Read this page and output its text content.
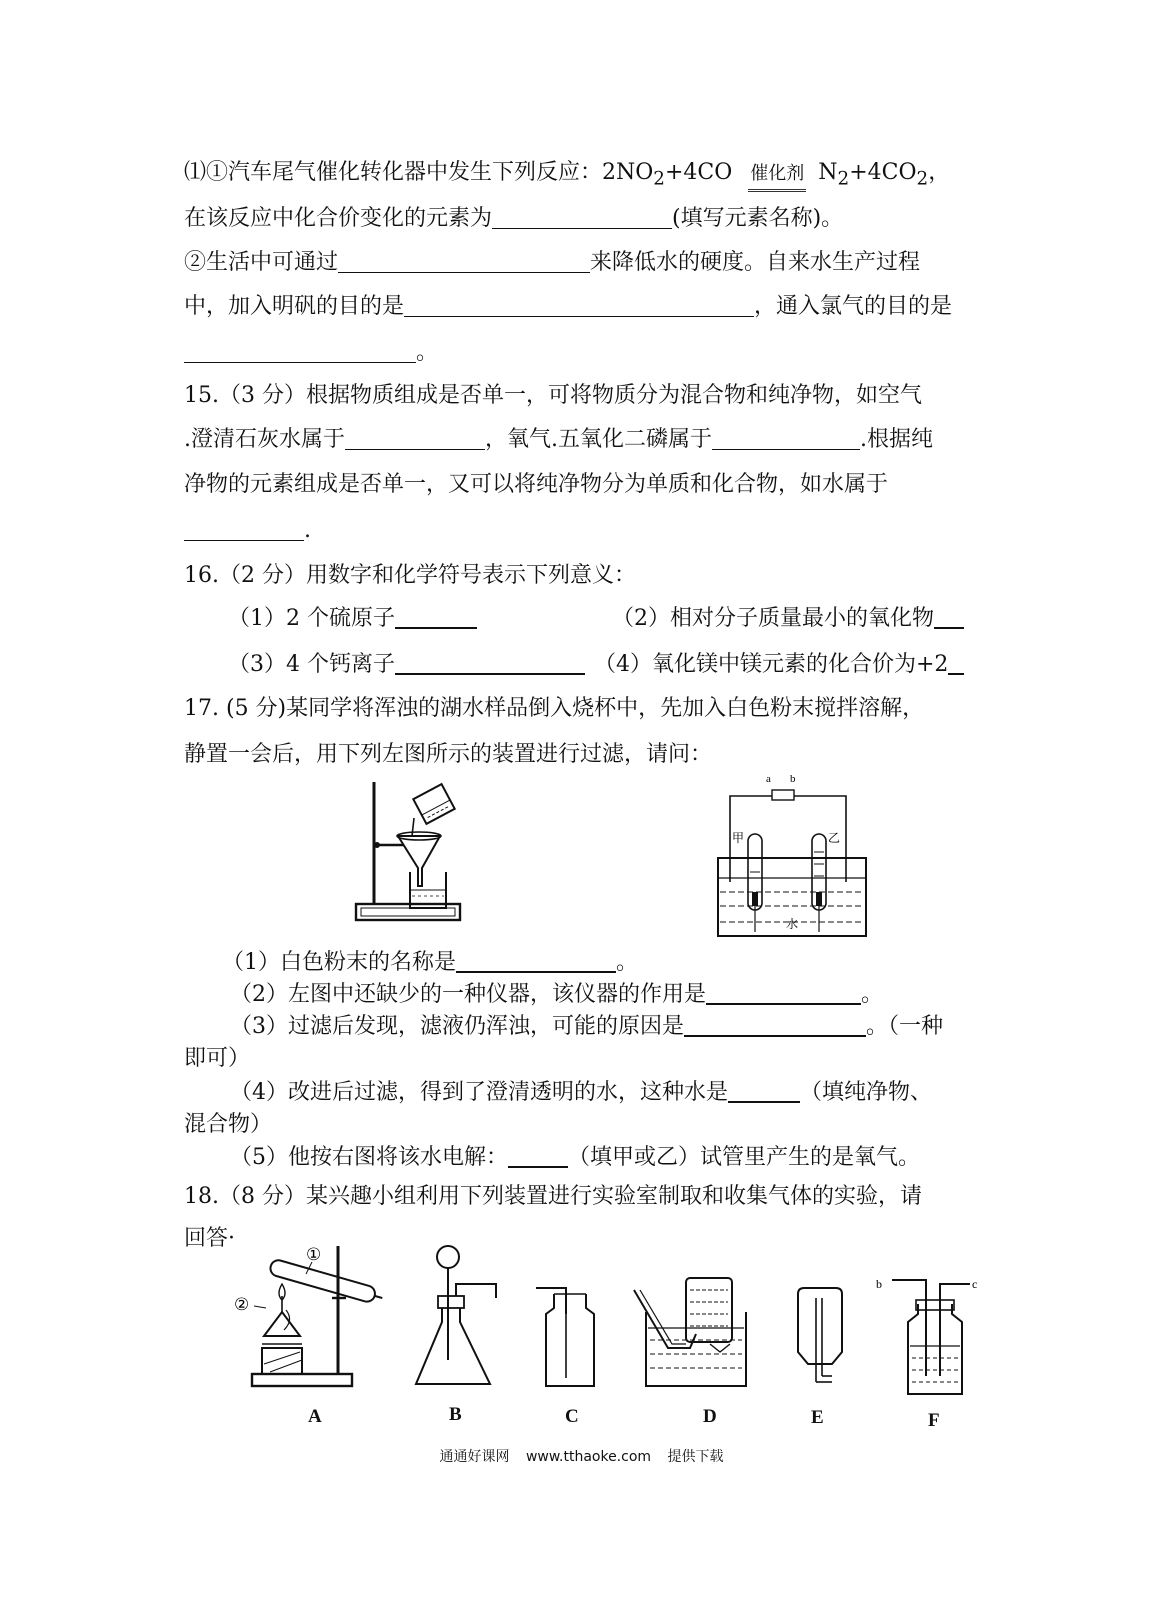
⑴①汽车尾气催化转化器中发生下列反应：$2NO_2+4CO$ 催化剂 $N_2+4CO_2$，
在该反应中化合价变化的元素为	(填写元素名称)。
②生活中可通过	来降低水的硬度。自来水生产过程
中，加入明矾的目的是	，通入氯气的目的是
。
15.（3 分）根据物质组成是否单一，可将物质分为混合物和纯净物，如空气
.澄清石灰水属于	，氧气.五氧化二磷属于	.根据纯
净物的元素组成是否单一，又可以将纯净物分为单质和化合物，如水属于
.
16.（2 分）用数字和化学符号表示下列意义：
（1）2 个硫原子	（2）相对分子质量最小的氧化物
（3）4 个钙离子	（4）氧化镁中镁元素的化合价为+2
17. (5 分)某同学将浑浊的湖水样品倒入烧杯中，先加入白色粉末搅拌溶解，
静置一会后，用下列左图所示的装置进行过滤，请问：
a b
甲	乙
水
（1）白色粉末的名称是	。
（2）左图中还缺少的一种仪器，该仪器的作用是	。
（3）过滤后发现，滤液仍浑浊，可能的原因是	。（一种
即可）
（4）改进后过滤，得到了澄清透明的水，这种水是	（填纯净物、
混合物）
（5）他按右图将该水电解：	（填甲或乙）试管里产生的是氧气。
18.（8 分）某兴趣小组利用下列装置进行实验室制取和收集气体的实验，请
回答·
①
②
b	c
A	B	C	D	E	F
通通好课网 www.tthaoke.com 提供下载
